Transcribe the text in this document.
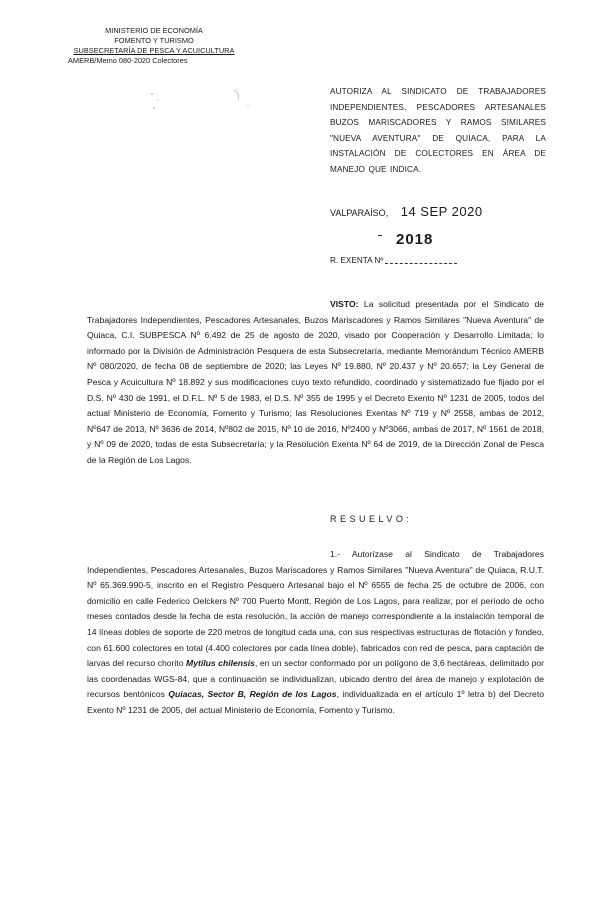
MINISTERIO DE ECONOMÍA
FOMENTO Y TURISMO
SUBSECRETARÍA DE PESCA Y ACUICULTURA
AMERB/Memo 080-2020 Colectores
AUTORIZA AL SINDICATO DE TRABAJADORES INDEPENDIENTES, PESCADORES ARTESANALES BUZOS MARISCADORES Y RAMOS SIMILARES "NUEVA AVENTURA" DE QUIACA, PARA LA INSTALACIÓN DE COLECTORES EN ÁREA DE MANEJO QUE INDICA.
VALPARAÍSO, 14 SEP 2020
2018
R. EXENTA Nº

VISTO: La solicitud presentada por el Sindicato de Trabajadores Independientes, Pescadores Artesanales, Buzos Mariscadores y Ramos Similares "Nueva Aventura" de Quiaca, C.I. SUBPESCA Nº 6.492 de 25 de agosto de 2020, visado por Cooperación y Desarrollo Limitada; lo informado por la División de Administración Pesquera de esta Subsecretaría, mediante Memorándum Técnico AMERB Nº 080/2020, de fecha 08 de septiembre de 2020; las Leyes Nº 19.880, Nº 20.437 y Nº 20.657; la Ley General de Pesca y Acuicultura Nº 18.892 y sus modificaciones cuyo texto refundido, coordinado y sistematizado fue fijado por el D.S. Nº 430 de 1991, el D.F.L. Nº 5 de 1983, el D.S. Nº 355 de 1995 y el Decreto Exento Nº 1231 de 2005, todos del actual Ministerio de Economía, Fomento y Turismo; las Resoluciones Exentas Nº 719 y Nº 2558, ambas de 2012, Nº647 de 2013, Nº 3636 de 2014, Nº802 de 2015, Nº 10 de 2016, Nº2400 y Nº3066, ambas de 2017, Nº 1561 de 2018, y Nº 09 de 2020, todas de esta Subsecretaría; y la Resolución Exenta Nº 64 de 2019, de la Dirección Zonal de Pesca de la Región de Los Lagos.

RESUELVO:

1.- Autorízase al Sindicato de Trabajadores Independientes, Pescadores Artesanales, Buzos Mariscadores y Ramos Similares "Nueva Aventura" de Quiaca, R.U.T. Nº 65.369.990-5, inscrito en el Registro Pesquero Artesanal bajo el Nº 6555 de fecha 25 de octubre de 2006, con domicilio en calle Federico Oelckers Nº 700 Puerto Montt, Región de Los Lagos, para realizar, por el período de ocho meses contados desde la fecha de esta resolución, la acción de manejo correspondiente a la instalación temporal de 14 líneas dobles de soporte de 220 metros de longitud cada una, con sus respectivas estructuras de flotación y fondeo, con 61.600 colectores en total (4.400 colectores por cada línea doble), fabricados con red de pesca, para captación de larvas del recurso chorito Mytilus chilensis, en un sector conformado por un polígono de 3,6 hectáreas, delimitado por las coordenadas WGS-84, que a continuación se individualizan, ubicado dentro del área de manejo y explotación de recursos bentónicos Quiacas, Sector B, Región de los Lagos, individualizada en el artículo 1º letra b) del Decreto Exento Nº 1231 de 2005, del actual Ministerio de Economía, Fomento y Turismo.
